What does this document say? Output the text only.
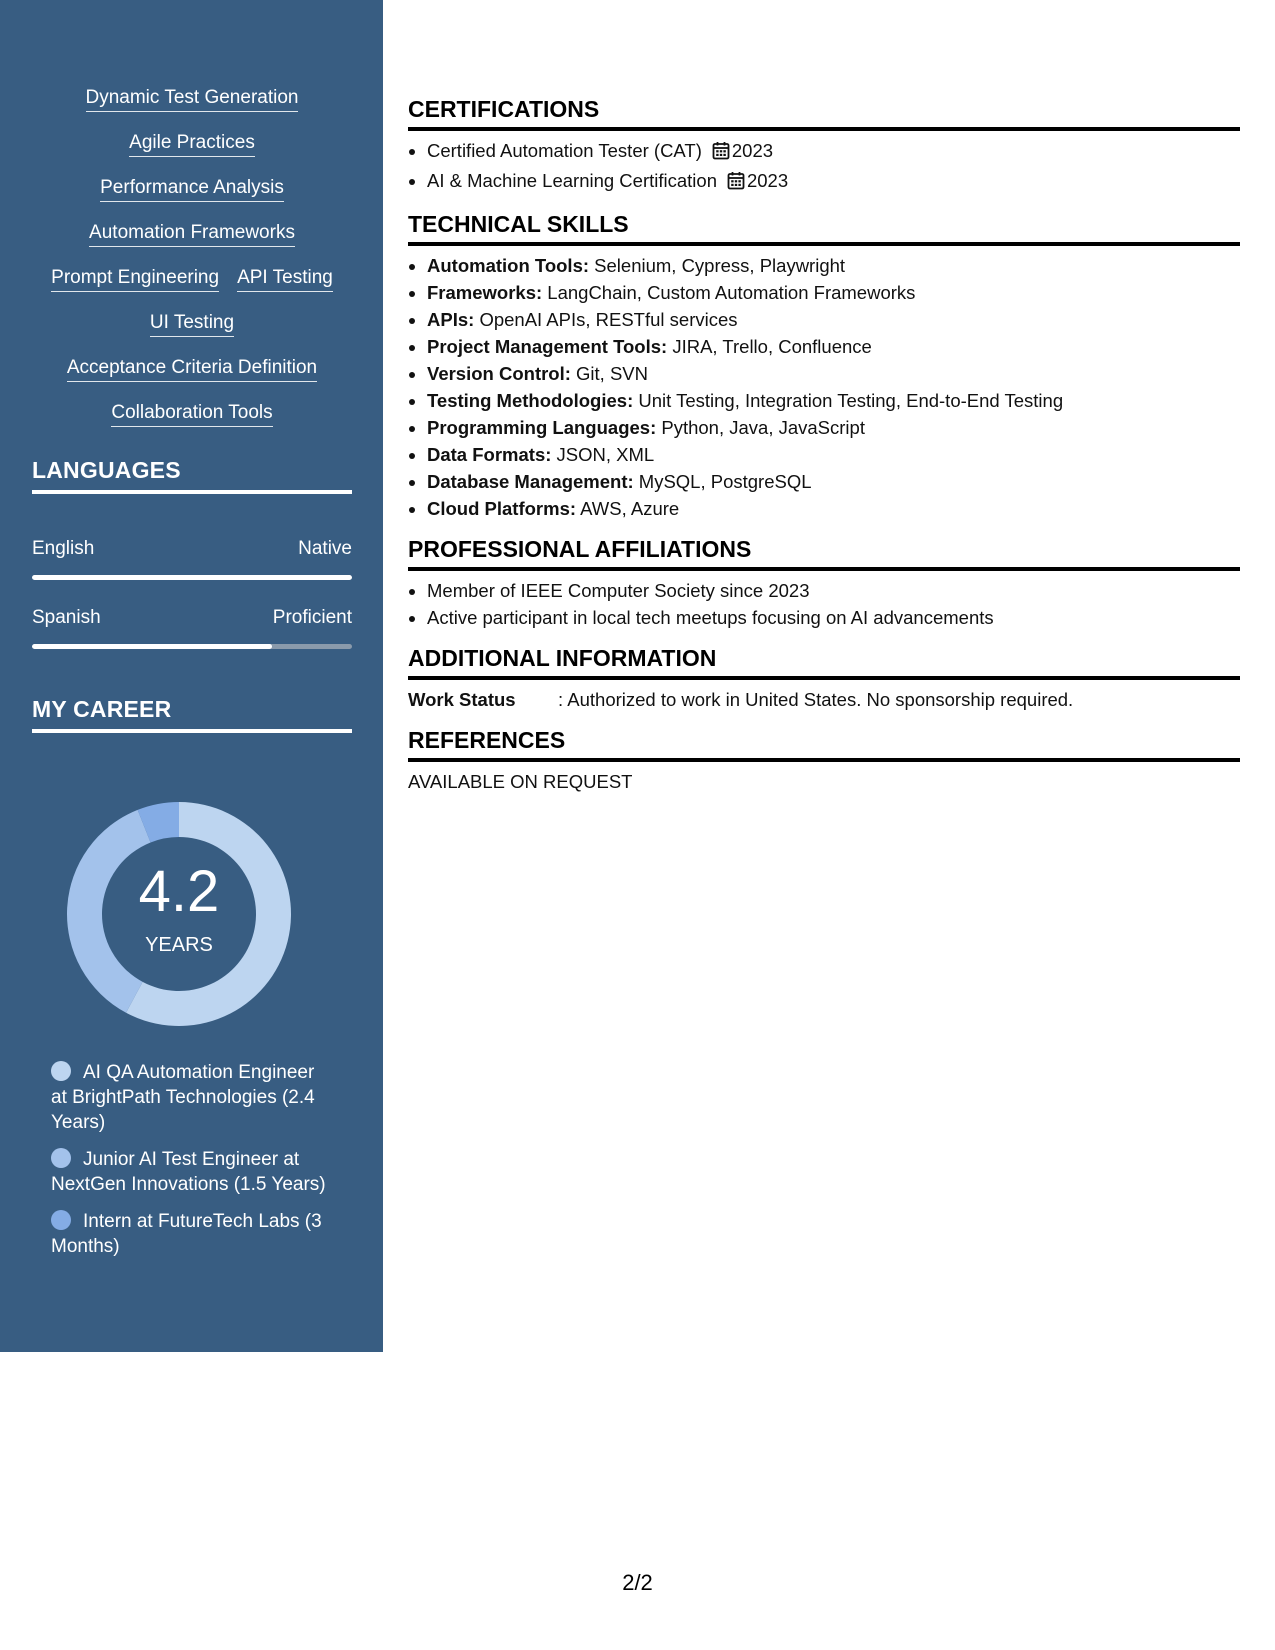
Dynamic Test Generation
Agile Practices
Performance Analysis
Automation Frameworks
Prompt Engineering API Testing
UI Testing
Acceptance Criteria Definition
Collaboration Tools
LANGUAGES
English	Native
Spanish	Proficient
MY CAREER
4.2
YEARS
AI QA Automation Engineer at BrightPath Technologies (2.4 Years)
Junior AI Test Engineer at NextGen Innovations (1.5 Years)
Intern at FutureTech Labs (3 Months)
CERTIFICATIONS
• Certified Automation Tester (CAT) 2023
• AI & Machine Learning Certification 2023
TECHNICAL SKILLS
• Automation Tools: Selenium, Cypress, Playwright
• Frameworks: LangChain, Custom Automation Frameworks
• APIs: OpenAI APIs, RESTful services
• Project Management Tools: JIRA, Trello, Confluence
• Version Control: Git, SVN
• Testing Methodologies: Unit Testing, Integration Testing, End-to-End Testing
• Programming Languages: Python, Java, JavaScript
• Data Formats: JSON, XML
• Database Management: MySQL, PostgreSQL
• Cloud Platforms: AWS, Azure
PROFESSIONAL AFFILIATIONS
• Member of IEEE Computer Society since 2023
• Active participant in local tech meetups focusing on AI advancements
ADDITIONAL INFORMATION
Work Status	: Authorized to work in United States. No sponsorship required.
REFERENCES
AVAILABLE ON REQUEST
2/2
